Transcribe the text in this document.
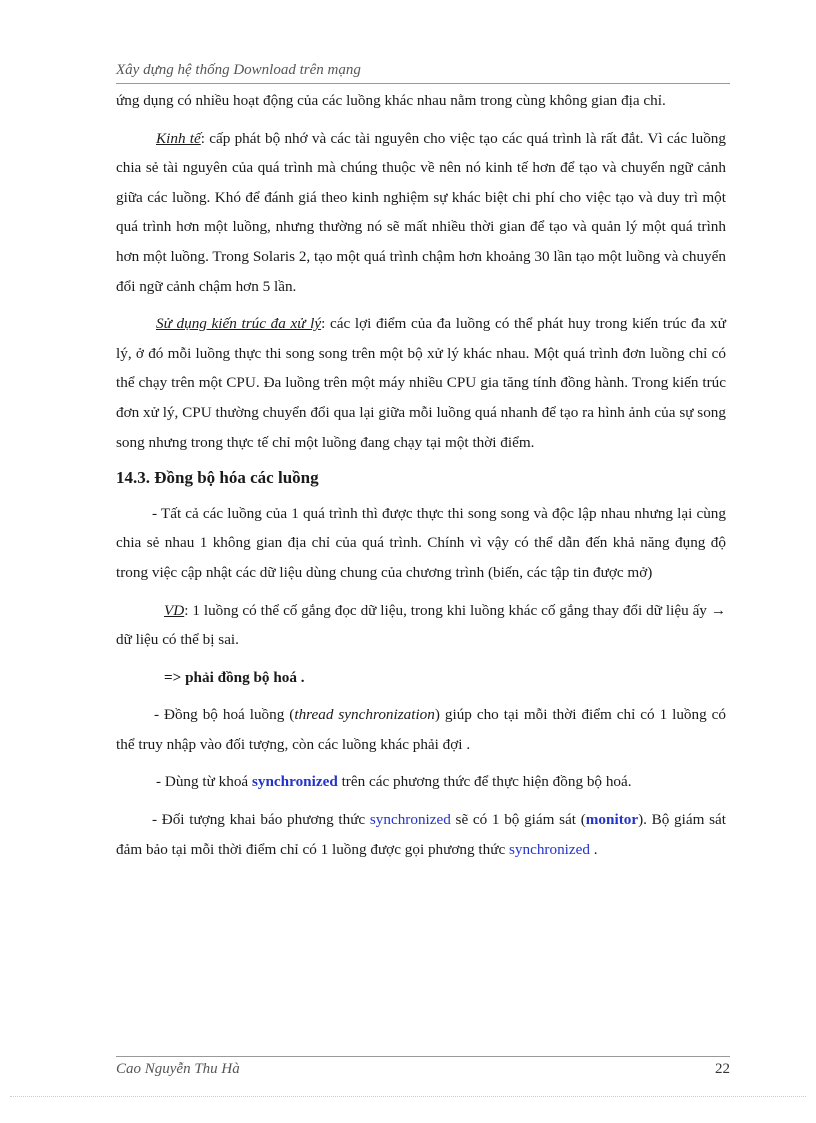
Xây dựng hệ thống Download trên mạng

ứng dụng có nhiều hoạt động của các luồng khác nhau nằm trong cùng không gian địa chỉ.

Kinh tế: cấp phát bộ nhớ và các tài nguyên cho việc tạo các quá trình là rất đắt. Vì các luồng chia sẻ tài nguyên của quá trình mà chúng thuộc về nên nó kinh tế hơn để tạo và chuyển ngữ cảnh giữa các luồng. Khó để đánh giá theo kinh nghiệm sự khác biệt chi phí cho việc tạo và duy trì một quá trình hơn một luồng, nhưng thường nó sẽ mất nhiều thời gian để tạo và quản lý một quá trình hơn một luồng. Trong Solaris 2, tạo một quá trình chậm hơn khoảng 30 lần tạo một luồng và chuyển đổi ngữ cảnh chậm hơn 5 lần.

Sử dụng kiến trúc đa xử lý: các lợi điểm của đa luồng có thể phát huy trong kiến trúc đa xử lý, ở đó mỗi luồng thực thi song song trên một bộ xử lý khác nhau. Một quá trình đơn luồng chỉ có thể chạy trên một CPU. Đa luồng trên một máy nhiều CPU gia tăng tính đồng hành. Trong kiến trúc đơn xử lý, CPU thường chuyển đổi qua lại giữa mỗi luồng quá nhanh để tạo ra hình ảnh của sự song song nhưng trong thực tế chỉ một luồng đang chạy tại một thời điểm.

14.3. Đồng bộ hóa các luồng

- Tất cả các luồng của 1 quá trình thì được thực thi song song và độc lập nhau nhưng lại cùng chia sẻ nhau 1 không gian địa chỉ của quá trình. Chính vì vậy có thể dẫn đến khả năng đụng độ trong việc cập nhật các dữ liệu dùng chung của chương trình (biến, các tập tin được mở)

VD: 1 luồng có thể cố gắng đọc dữ liệu, trong khi luồng khác cố gắng thay đổi dữ liệu ấy → dữ liệu có thể bị sai.

=> phải đồng bộ hoá .

- Đồng bộ hoá luồng (thread synchronization) giúp cho tại mỗi thời điểm chỉ có 1 luồng có thể truy nhập vào đối tượng, còn các luồng khác phải đợi .

- Dùng từ khoá synchronized trên các phương thức để thực hiện đồng bộ hoá.

- Đối tượng khai báo phương thức synchronized sẽ có 1 bộ giám sát (monitor). Bộ giám sát đảm bảo tại mỗi thời điểm chỉ có 1 luồng được gọi phương thức synchronized .

Cao Nguyễn Thu Hà	22
